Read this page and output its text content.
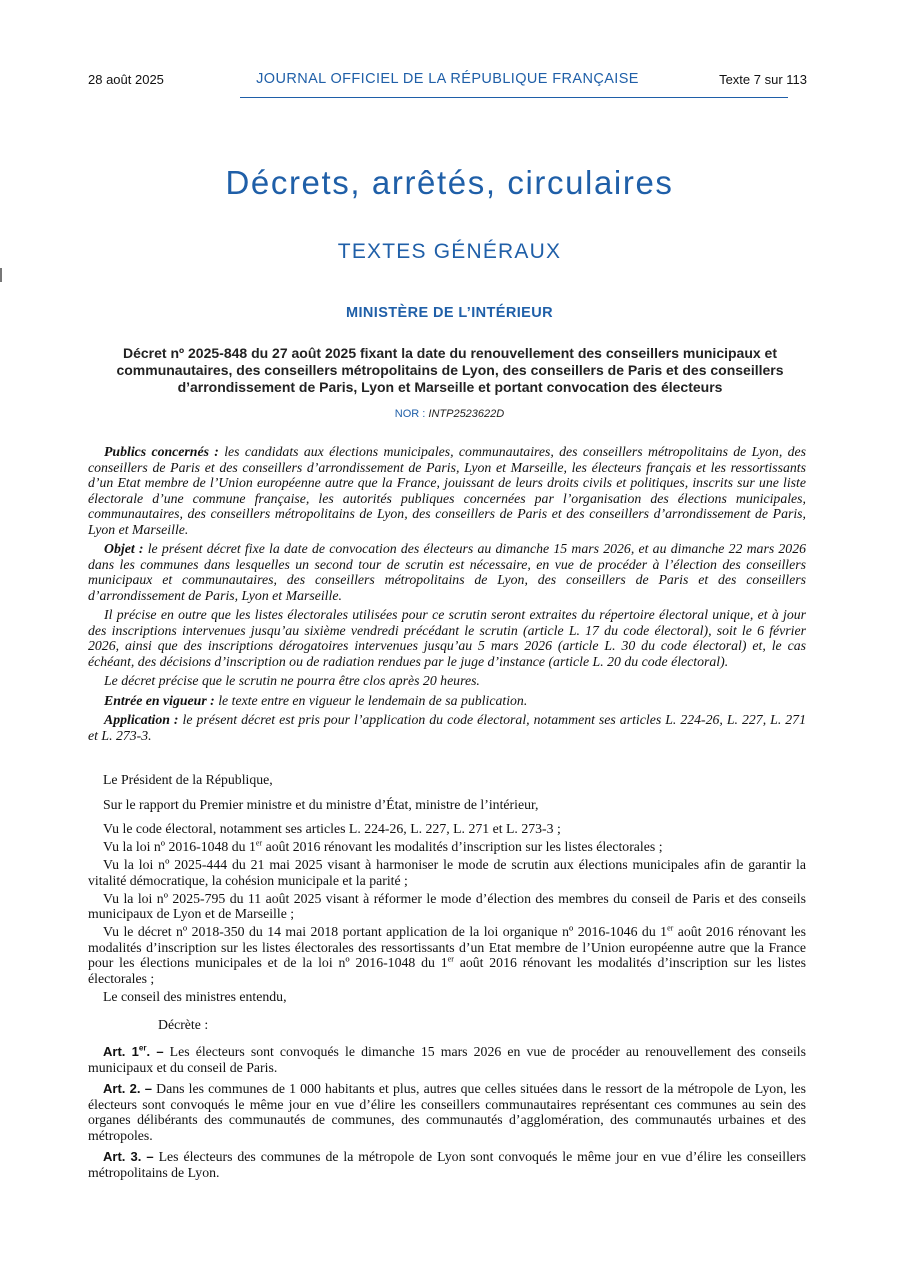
28 août 2025	JOURNAL OFFICIEL DE LA RÉPUBLIQUE FRANÇAISE	Texte 7 sur 113
Décrets, arrêtés, circulaires
TEXTES GÉNÉRAUX
MINISTÈRE DE L’INTÉRIEUR
Décret nº 2025-848 du 27 août 2025 fixant la date du renouvellement des conseillers municipaux et communautaires, des conseillers métropolitains de Lyon, des conseillers de Paris et des conseillers d’arrondissement de Paris, Lyon et Marseille et portant convocation des électeurs
NOR : INTP2523622D

Publics concernés : les candidats aux élections municipales, communautaires, des conseillers métropolitains de Lyon, des conseillers de Paris et des conseillers d’arrondissement de Paris, Lyon et Marseille, les électeurs français et les ressortissants d’un Etat membre de l’Union européenne autre que la France, jouissant de leurs droits civils et politiques, inscrits sur une liste électorale d’une commune française, les autorités publiques concernées par l’organisation des élections municipales, communautaires, des conseillers métropolitains de Lyon, des conseillers de Paris et des conseillers d’arrondissement de Paris, Lyon et Marseille.

Objet : le présent décret fixe la date de convocation des électeurs au dimanche 15 mars 2026, et au dimanche 22 mars 2026 dans les communes dans lesquelles un second tour de scrutin est nécessaire, en vue de procéder à l’élection des conseillers municipaux et communautaires, des conseillers métropolitains de Lyon, des conseillers de Paris et des conseillers d’arrondissement de Paris, Lyon et Marseille.

Il précise en outre que les listes électorales utilisées pour ce scrutin seront extraites du répertoire électoral unique, et à jour des inscriptions intervenues jusqu’au sixième vendredi précédant le scrutin (article L. 17 du code électoral), soit le 6 février 2026, ainsi que des inscriptions dérogatoires intervenues jusqu’au 5 mars 2026 (article L. 30 du code électoral) et, le cas échéant, des décisions d’inscription ou de radiation rendues par le juge d’instance (article L. 20 du code électoral).

Le décret précise que le scrutin ne pourra être clos après 20 heures.

Entrée en vigueur : le texte entre en vigueur le lendemain de sa publication.

Application : le présent décret est pris pour l’application du code électoral, notamment ses articles L. 224-26, L. 227, L. 271 et L. 273-3.

Le Président de la République,

Sur le rapport du Premier ministre et du ministre d’État, ministre de l’intérieur,

Vu le code électoral, notamment ses articles L. 224-26, L. 227, L. 271 et L. 273-3 ;

Vu la loi nº 2016-1048 du 1er août 2016 rénovant les modalités d’inscription sur les listes électorales ;

Vu la loi nº 2025-444 du 21 mai 2025 visant à harmoniser le mode de scrutin aux élections municipales afin de garantir la vitalité démocratique, la cohésion municipale et la parité ;

Vu la loi nº 2025-795 du 11 août 2025 visant à réformer le mode d’élection des membres du conseil de Paris et des conseils municipaux de Lyon et de Marseille ;

Vu le décret nº 2018-350 du 14 mai 2018 portant application de la loi organique nº 2016-1046 du 1er août 2016 rénovant les modalités d’inscription sur les listes électorales des ressortissants d’un Etat membre de l’Union européenne autre que la France pour les élections municipales et de la loi nº 2016-1048 du 1er août 2016 rénovant les modalités d’inscription sur les listes électorales ;

Le conseil des ministres entendu,

Décrète :

Art. 1er. – Les électeurs sont convoqués le dimanche 15 mars 2026 en vue de procéder au renouvellement des conseils municipaux et du conseil de Paris.

Art. 2. – Dans les communes de 1 000 habitants et plus, autres que celles situées dans le ressort de la métropole de Lyon, les électeurs sont convoqués le même jour en vue d’élire les conseillers communautaires représentant ces communes au sein des organes délibérants des communautés de communes, des communautés d’agglomération, des communautés urbaines et des métropoles.

Art. 3. – Les électeurs des communes de la métropole de Lyon sont convoqués le même jour en vue d’élire les conseillers métropolitains de Lyon.
